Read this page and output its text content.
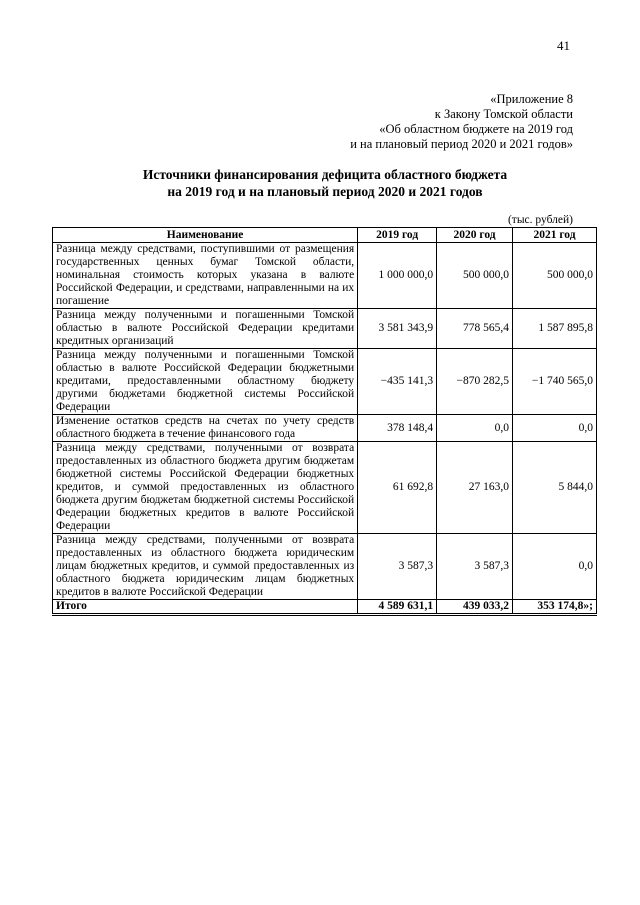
41
«Приложение 8
к Закону Томской области
«Об областном бюджете на 2019 год
и на плановый период 2020 и 2021 годов»
Источники финансирования дефицита областного бюджета
на 2019 год и на плановый период 2020 и 2021 годов
(тыс. рублей)
Наименование	2019 год	2020 год	2021 год
Разница между средствами, поступившими от размещения государственных ценных бумаг Томской области, номинальная стоимость которых указана в валюте Российской Федерации, и средствами, направленными на их погашение	1 000 000,0	500 000,0	500 000,0
Разница между полученными и погашенными Томской областью в валюте Российской Федерации кредитами кредитных организаций	3 581 343,9	778 565,4	1 587 895,8
Разница между полученными и погашенными Томской областью в валюте Российской Федерации бюджетными кредитами, предоставленными областному бюджету другими бюджетами бюджетной системы Российской Федерации	−435 141,3	−870 282,5	−1 740 565,0
Изменение остатков средств на счетах по учету средств областного бюджета в течение финансового года	378 148,4	0,0	0,0
Разница между средствами, полученными от возврата предоставленных из областного бюджета другим бюджетам бюджетной системы Российской Федерации бюджетных кредитов, и суммой предоставленных из областного бюджета другим бюджетам бюджетной системы Российской Федерации бюджетных кредитов в валюте Российской Федерации	61 692,8	27 163,0	5 844,0
Разница между средствами, полученными от возврата предоставленных из областного бюджета юридическим лицам бюджетных кредитов, и суммой предоставленных из областного бюджета юридическим лицам бюджетных кредитов в валюте Российской Федерации	3 587,3	3 587,3	0,0
Итого	4 589 631,1	439 033,2	353 174,8»;
